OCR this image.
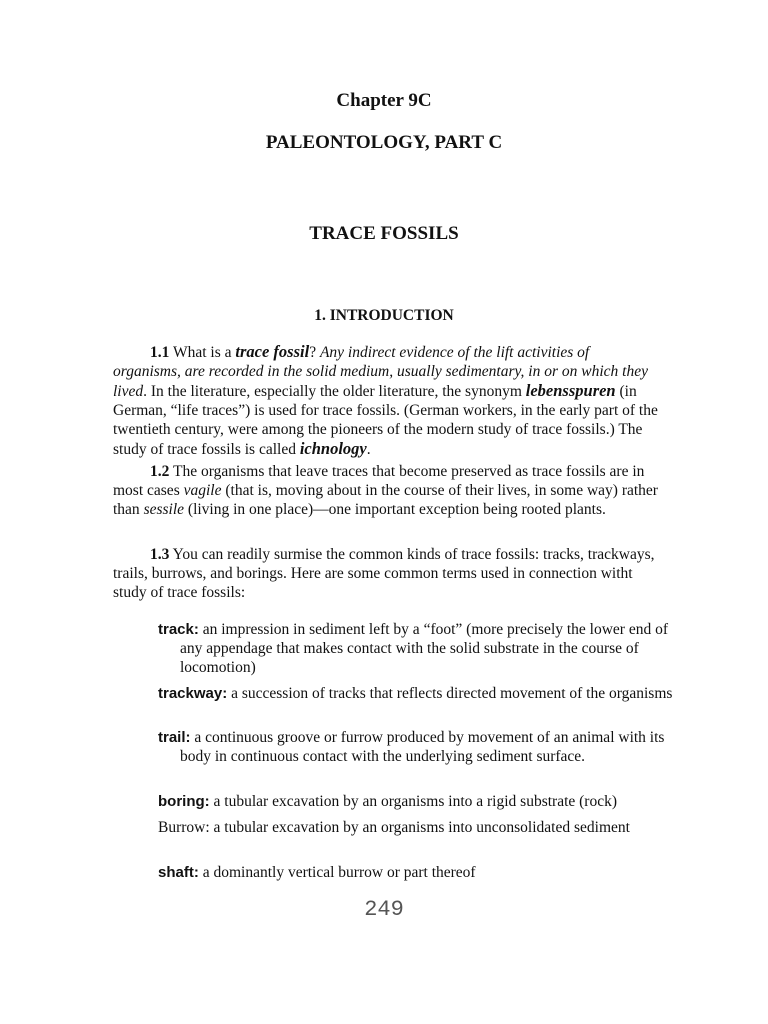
Chapter 9C

PALEONTOLOGY, PART C

TRACE FOSSILS

1. INTRODUCTION

1.1 What is a trace fossil? Any indirect evidence of the lift activities of organisms, are recorded in the solid medium, usually sedimentary, in or on which they lived. In the literature, especially the older literature, the synonym lebensspuren (in German, “life traces”) is used for trace fossils. (German workers, in the early part of the twentieth century, were among the pioneers of the modern study of trace fossils.) The study of trace fossils is called ichnology.

1.2 The organisms that leave traces that become preserved as trace fossils are in most cases vagile (that is, moving about in the course of their lives, in some way) rather than sessile (living in one place)—one important exception being rooted plants.

1.3 You can readily surmise the common kinds of trace fossils: tracks, trackways, trails, burrows, and borings. Here are some common terms used in connection witht study of trace fossils:

track: an impression in sediment left by a “foot” (more precisely the lower end of any appendage that makes contact with the solid substrate in the course of locomotion)

trackway: a succession of tracks that reflects directed movement of the organisms

trail: a continuous groove or furrow produced by movement of an animal with its body in continuous contact with the underlying sediment surface.

boring: a tubular excavation by an organisms into a rigid substrate (rock)

Burrow: a tubular excavation by an organisms into unconsolidated sediment

shaft: a dominantly vertical burrow or part thereof

249
